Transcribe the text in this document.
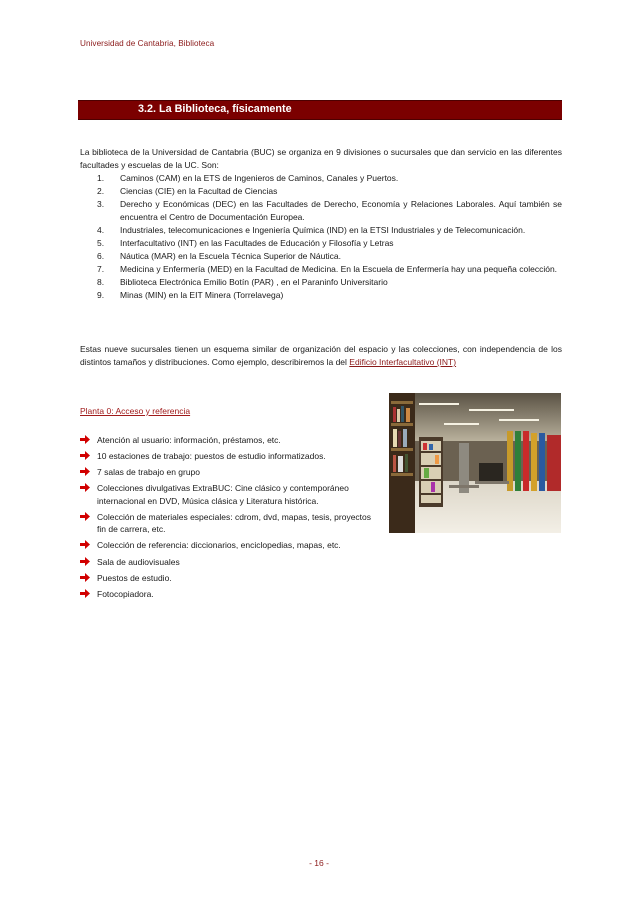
Universidad de Cantabria, Biblioteca
3.2. La Biblioteca, físicamente
La biblioteca de la Universidad de Cantabria (BUC) se organiza en 9 divisiones o sucursales que dan servicio en las diferentes facultades y escuelas de la UC. Son:
1. Caminos (CAM) en la ETS de Ingenieros de Caminos, Canales y Puertos.
2. Ciencias (CIE) en la Facultad de Ciencias
3. Derecho y Económicas (DEC) en las Facultades de Derecho, Economía y Relaciones Laborales. Aquí también se encuentra el Centro de Documentación Europea.
4. Industriales, telecomunicaciones e Ingeniería Química (IND) en la ETSI Industriales y de Telecomunicación.
5. Interfacultativo (INT) en las Facultades de Educación y Filosofía y Letras
6. Náutica (MAR) en la Escuela Técnica Superior de Náutica.
7. Medicina y Enfermería (MED) en la Facultad de Medicina. En la Escuela de Enfermería hay una pequeña colección.
8. Biblioteca Electrónica Emilio Botín (PAR) , en el Paraninfo Universitario
9. Minas (MIN) en la EIT Minera (Torrelavega)
Estas nueve sucursales tienen un esquema similar de organización del espacio y las colecciones, con independencia de los distintos tamaños y distribuciones. Como ejemplo, describiremos la del Edificio Interfacultativo (INT)
Planta 0: Acceso y referencia
Atención al usuario: información, préstamos, etc.
10 estaciones de trabajo: puestos de estudio informatizados.
7 salas de trabajo en grupo
Colecciones divulgativas ExtraBUC: Cine clásico y contemporáneo internacional en DVD, Música clásica y Literatura histórica.
Colección de materiales especiales: cdrom, dvd, mapas, tesis, proyectos fin de carrera, etc.
Colección de referencia: diccionarios, enciclopedias, mapas, etc.
Sala de audiovisuales
Puestos de estudio.
Fotocopiadora.
- 16 -
